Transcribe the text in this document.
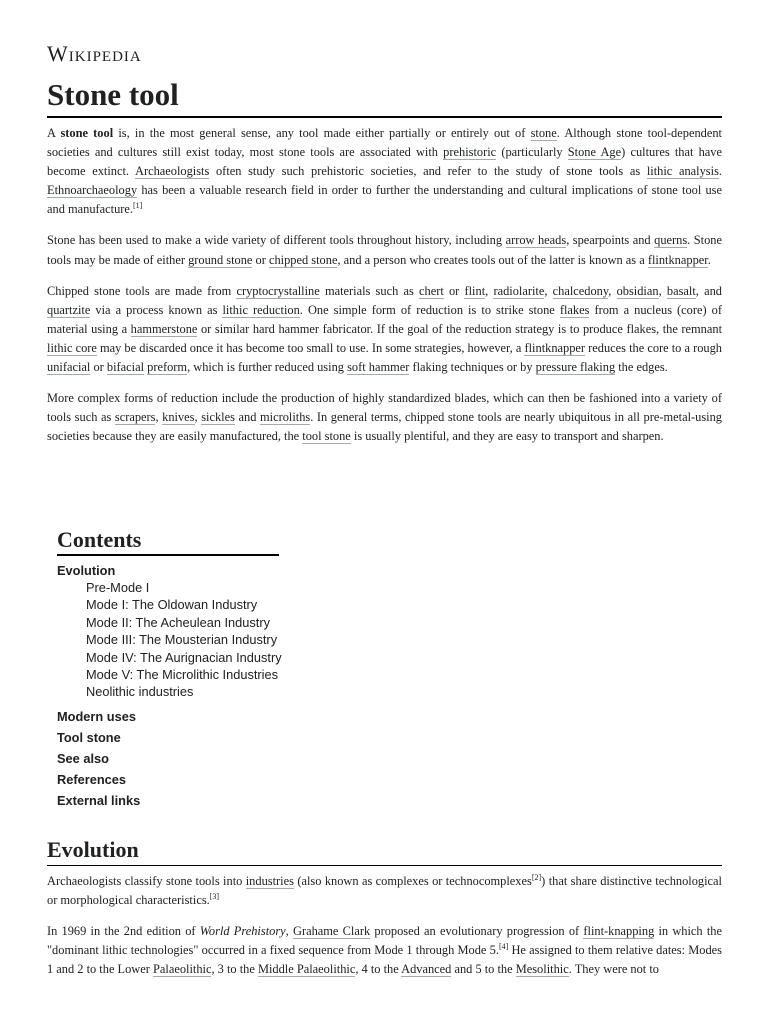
Wikipedia
Stone tool

A stone tool is, in the most general sense, any tool made either partially or entirely out of stone. Although stone tool-dependent societies and cultures still exist today, most stone tools are associated with prehistoric (particularly Stone Age) cultures that have become extinct. Archaeologists often study such prehistoric societies, and refer to the study of stone tools as lithic analysis. Ethnoarchaeology has been a valuable research field in order to further the understanding and cultural implications of stone tool use and manufacture.[1]

Stone has been used to make a wide variety of different tools throughout history, including arrow heads, spearpoints and querns. Stone tools may be made of either ground stone or chipped stone, and a person who creates tools out of the latter is known as a flintknapper.

Chipped stone tools are made from cryptocrystalline materials such as chert or flint, radiolarite, chalcedony, obsidian, basalt, and quartzite via a process known as lithic reduction. One simple form of reduction is to strike stone flakes from a nucleus (core) of material using a hammerstone or similar hard hammer fabricator. If the goal of the reduction strategy is to produce flakes, the remnant lithic core may be discarded once it has become too small to use. In some strategies, however, a flintknapper reduces the core to a rough unifacial or bifacial preform, which is further reduced using soft hammer flaking techniques or by pressure flaking the edges.

More complex forms of reduction include the production of highly standardized blades, which can then be fashioned into a variety of tools such as scrapers, knives, sickles and microliths. In general terms, chipped stone tools are nearly ubiquitous in all pre-metal-using societies because they are easily manufactured, the tool stone is usually plentiful, and they are easy to transport and sharpen.

Contents
Evolution
Pre-Mode I
Mode I: The Oldowan Industry
Mode II: The Acheulean Industry
Mode III: The Mousterian Industry
Mode IV: The Aurignacian Industry
Mode V: The Microlithic Industries
Neolithic industries
Modern uses
Tool stone
See also
References
External links
Evolution

Archaeologists classify stone tools into industries (also known as complexes or technocomplexes[2]) that share distinctive technological or morphological characteristics.[3]

In 1969 in the 2nd edition of World Prehistory, Grahame Clark proposed an evolutionary progression of flint-knapping in which the "dominant lithic technologies" occurred in a fixed sequence from Mode 1 through Mode 5.[4] He assigned to them relative dates: Modes 1 and 2 to the Lower Palaeolithic, 3 to the Middle Palaeolithic, 4 to the Advanced and 5 to the Mesolithic. They were not to
